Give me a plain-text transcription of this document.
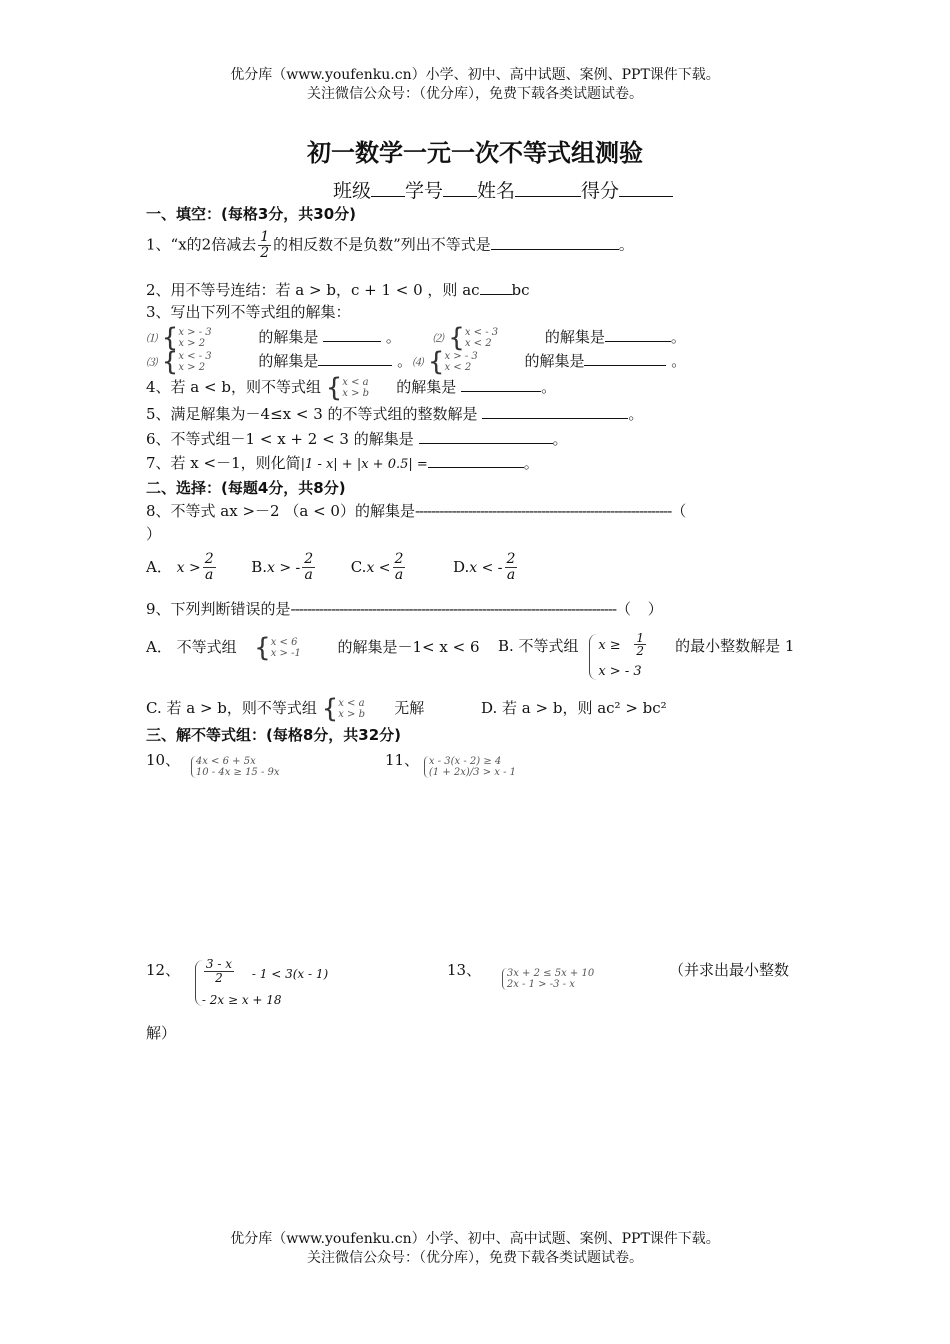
优分库（www.youfenku.cn）小学、初中、高中试题、案例、PPT课件下载。
关注微信公众号：（优分库），免费下载各类试题试卷。
初一数学一元一次不等式组测验
班级 学号 姓名	得分
一、填空：(每格3分，共30分)
1、“x的2倍减去 $\frac{1}{2}$ 的相反数不是负数”列出不等式是	。
2、用不等号连结：若 a > b，c + 1 < 0 ，则 ac bc
3、写出下列不等式组的解集：
⑴ {x > - 3
x > 2	的解集是	。	⑵ {x < - 3
x < 2	的解集是	。
⑶ {x < - 3
x > 2	的解集是	。⑷ {x > - 3
x < 2	的解集是	。
4、若 a < b，则不等式组 {x < a
x > b 的解集是	。
5、满足解集为－4≤x < 3 的不等式组的整数解是	。
6、不等式组－1 < x + 2 < 3 的解集是	。
7、若 x <－1，则化简|1 - x| + |x + 0.5| =	。
二、选择：(每题4分，共8分)
8、不等式 ax >－2 （a < 0）的解集是---------------------------------------------------------------（
）
A． $x > \frac{2}{a} B.x$ > - $\frac{2}{a} C.x < \frac{2}{a}$	D.x < - $\frac{2}{a}$
9、下列判断错误的是--------------------------------------------------------------------------------（　 ）
A． 不等式组 {x < 6
x > -1 的解集是－1< x < 6 B. 不等式组 $x \ge \frac{1}{2}$
x > - 3
的最小整数解是 1
C. 若 a > b，则不等式组 {x < a
x > b 无解	D. 若 a > b，则 ac² > bc²
三、解不等式组：(每格8分，共32分)
10、 4x < 6 + 5x
10 - 4x ≥ 15 - 9x
11、 x - 3(x - 2) ≥ 4
(1 + 2x)/3 > x - 1
12、 $\frac{3 - x}{2} - 1 < 3(x - 1)$
- 2x ≥ x + 18
13、	3x + 2 ≤ 5x + 10
2x - 1 > -3 - x
（并求出最小整数
解）
优分库（www.youfenku.cn）小学、初中、高中试题、案例、PPT课件下载。
关注微信公众号：（优分库），免费下载各类试题试卷。
